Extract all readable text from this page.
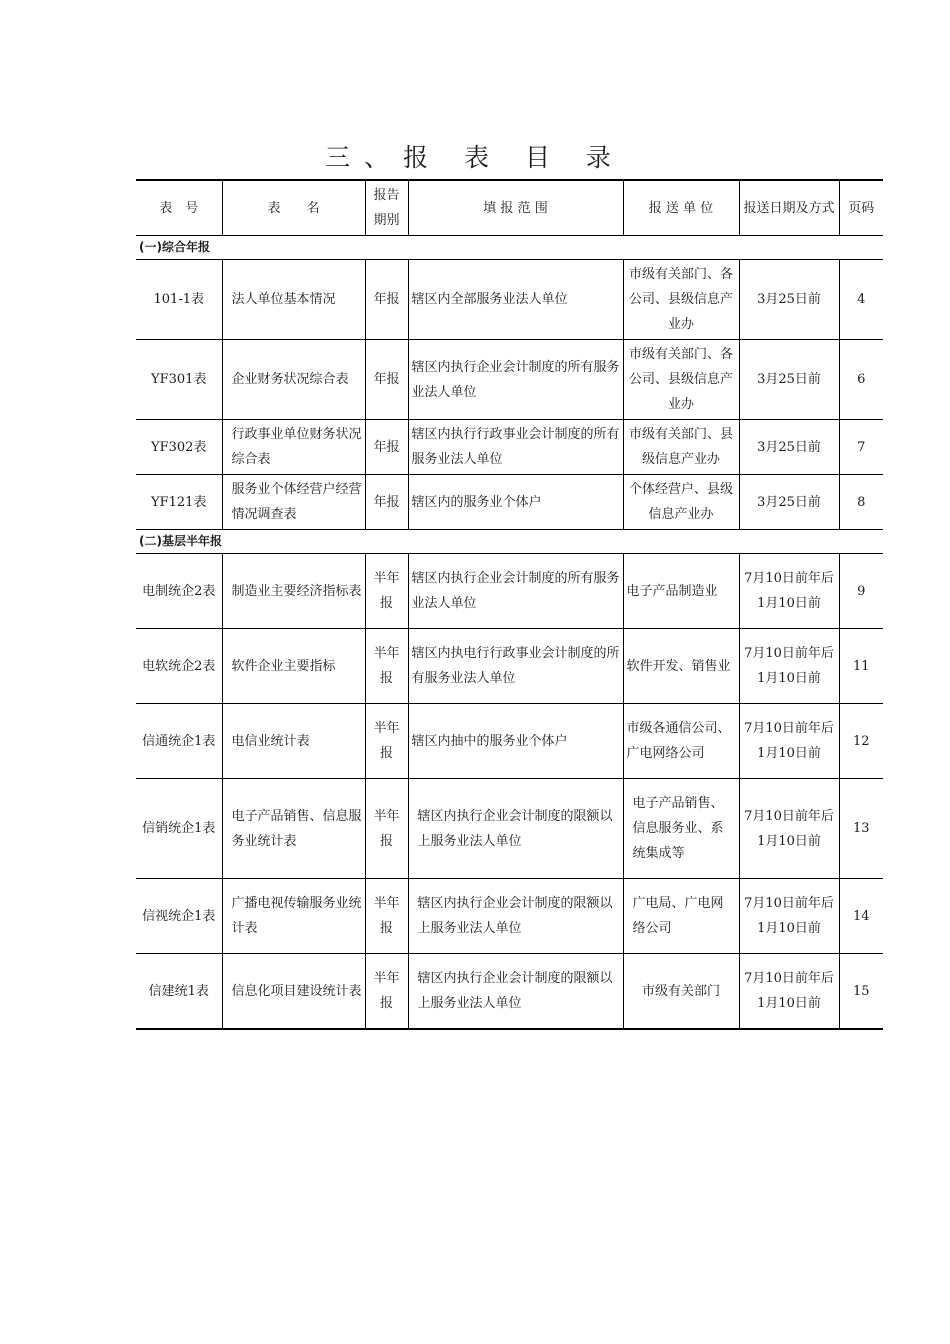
三、报 表 目 录
表　号	表　　名	报告期别	填 报 范 围	报 送 单 位	报送日期及方式	页码
(一)综合年报						
101-1表	法人单位基本情况	年报	辖区内全部服务业法人单位	市级有关部门、各公司、县级信息产业办	3月25日前	4
YF301表	企业财务状况综合表	年报	辖区内执行企业会计制度的所有服务业法人单位	市级有关部门、各公司、县级信息产业办	3月25日前	6
YF302表	行政事业单位财务状况综合表	年报	辖区内执行行政事业会计制度的所有服务业法人单位	市级有关部门、县级信息产业办	3月25日前	7
YF121表	服务业个体经营户经营情况调查表	年报	辖区内的服务业个体户	个体经营户、县级信息产业办	3月25日前	8
(二)基层半年报						
电制统企2表	制造业主要经济指标表	半年报	辖区内执行企业会计制度的所有服务业法人单位	电子产品制造业	7月10日前年后1月10日前	9
电软统企2表	软件企业主要指标	半年报	辖区内执电行行政事业会计制度的所有服务业法人单位	软件开发、销售业	7月10日前年后1月10日前	11
信通统企1表	电信业统计表	半年报	辖区内抽中的服务业个体户	市级各通信公司、广电网络公司	7月10日前年后1月10日前	12
信销统企1表	电子产品销售、信息服务业统计表	半年报	辖区内执行企业会计制度的限额以上服务业法人单位	电子产品销售、信息服务业、系统集成等	7月10日前年后1月10日前	13
信视统企1表	广播电视传输服务业统计表	半年报	辖区内执行企业会计制度的限额以上服务业法人单位	广电局、广电网络公司	7月10日前年后1月10日前	14
信建统1表	信息化项目建设统计表	半年报	辖区内执行企业会计制度的限额以上服务业法人单位	市级有关部门	7月10日前年后1月10日前	15
